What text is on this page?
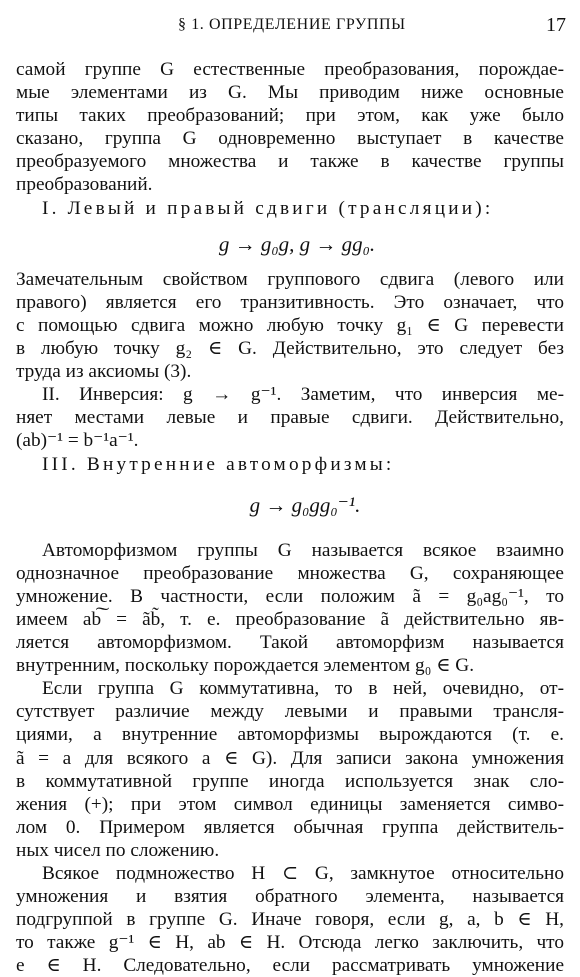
§ 1. ОПРЕДЕЛЕНИЕ ГРУППЫ	17

самой группе G естественные преобразования, порождае-

мые элементами из G. Мы приводим ниже основные

типы таких преобразований; при этом, как уже было

сказано, группа G одновременно выступает в качестве

преобразуемого множества и также в качестве группы

преобразований.

I. Левый и правый сдвиги (трансляции):

g → g₀g, g → gg₀.

Замечательным свойством группового сдвига (левого или

правого) является его транзитивность. Это означает, что

с помощью сдвига можно любую точку g₁ ∈ G перевести

в любую точку g₂ ∈ G. Действительно, это следует без

труда из аксиомы (3).

II. Инверсия: g → g⁻¹. Заметим, что инверсия ме-

няет местами левые и правые сдвиги. Действительно,

(ab)⁻¹ = b⁻¹a⁻¹.

III. Внутренние автоморфизмы:

g → g₀gg₀⁻¹.

Автоморфизмом группы G называется всякое взаимно

однозначное преобразование множества G, сохраняющее

умножение. В частности, если положим ã = g₀ag₀⁻¹, то

имеем ab͠ = ãb̃, т. е. преобразование ã действительно яв-

ляется автоморфизмом. Такой автоморфизм называется

внутренним, поскольку порождается элементом g₀ ∈ G.

Если группа G коммутативна, то в ней, очевидно, от-

сутствует различие между левыми и правыми трансля-

циями, а внутренние автоморфизмы вырождаются (т. е.

ã = a для всякого a ∈ G). Для записи закона умножения

в коммутативной группе иногда используется знак сло-

жения (+); при этом символ единицы заменяется симво-

лом 0. Примером является обычная группа действитель-

ных чисел по сложению.

Всякое подмножество H ⊂ G, замкнутое относительно

умножения и взятия обратного элемента, называется

подгруппой в группе G. Иначе говоря, если g, a, b ∈ H,

то также g⁻¹ ∈ H, ab ∈ H. Отсюда легко заключить, что

e ∈ H. Следовательно, если рассматривать умножение
